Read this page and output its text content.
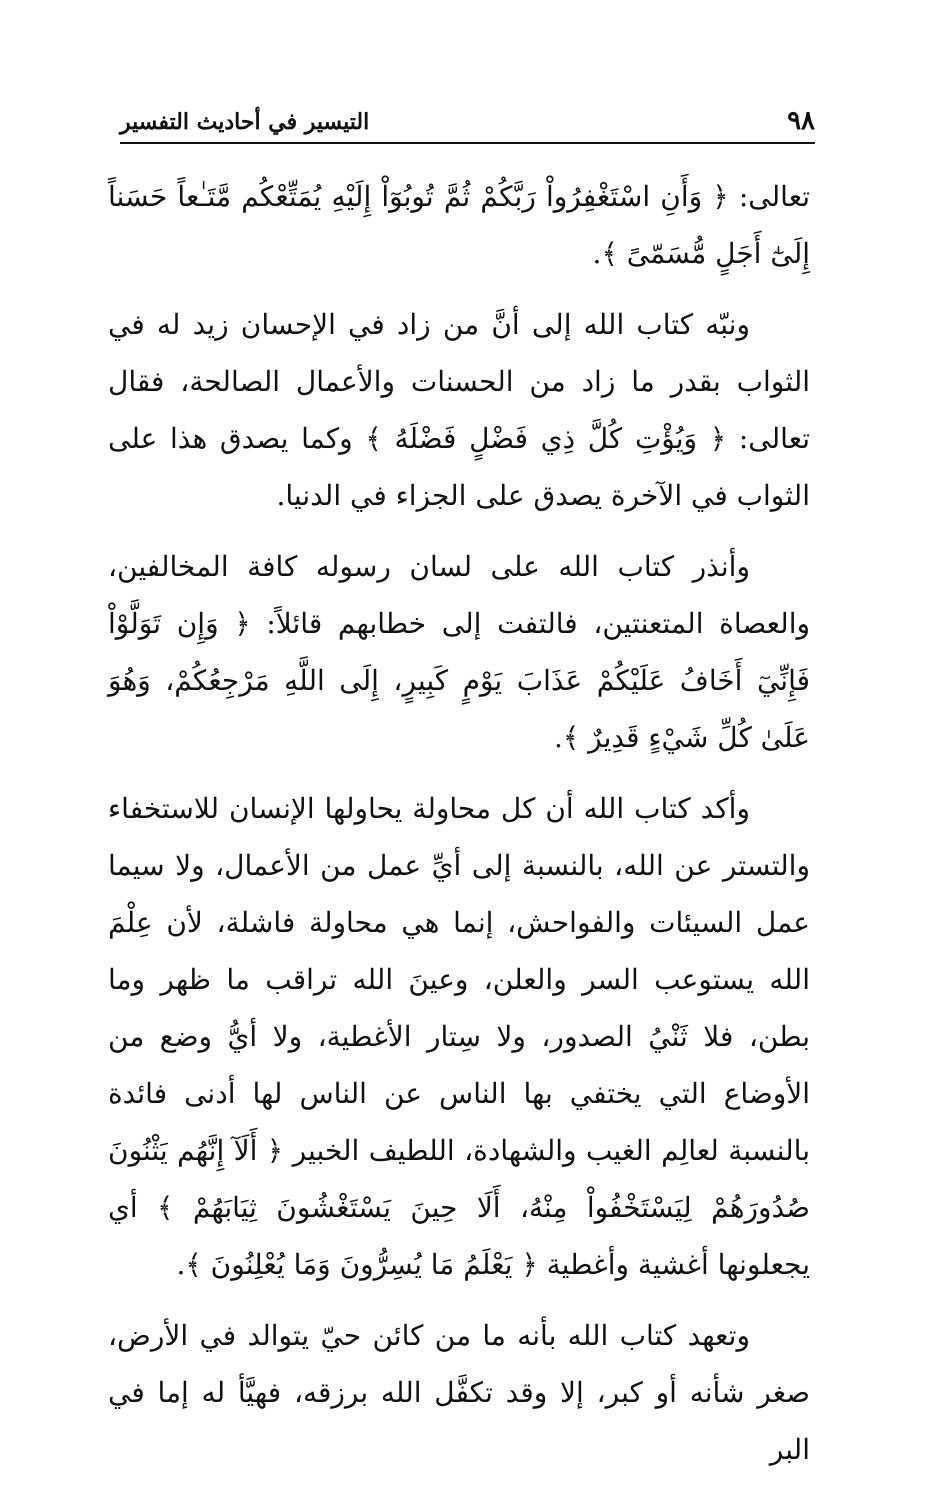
٩٨
التيسير في أحاديث التفسير

تعالى: ﴿ وَأَنِ اسْتَغْفِرُواْ رَبَّكُمْ ثُمَّ تُوبُوٓاْ إِلَيْهِ يُمَتِّعْكُم مَّتَـٰعاً حَسَناً إِلَىٰٓ أَجَلٍ مُّسَمّىً ﴾.

ونبّه كتاب الله إلى أنَّ من زاد في الإحسان زيد له في الثواب بقدر ما زاد من الحسنات والأعمال الصالحة، فقال تعالى: ﴿ وَيُؤْتِ كُلَّ ذِي فَضْلٍ فَضْلَهُ ﴾ وكما يصدق هذا على الثواب في الآخرة يصدق على الجزاء في الدنيا.

وأنذر كتاب الله على لسان رسوله كافة المخالفين، والعصاة المتعنتين، فالتفت إلى خطابهم قائلاً: ﴿ وَإِن تَوَلَّوْاْ فَإِنِّيٓ أَخَافُ عَلَيْكُمْ عَذَابَ يَوْمٍ كَبِيرٍ، إِلَى اللَّهِ مَرْجِعُكُمْ، وَهُوَ عَلَىٰ كُلِّ شَيْءٍ قَدِيرٌ ﴾.

وأكد كتاب الله أن كل محاولة يحاولها الإنسان للاستخفاء والتستر عن الله، بالنسبة إلى أيِّ عمل من الأعمال، ولا سيما عمل السيئات والفواحش، إنما هي محاولة فاشلة، لأن عِلْمَ الله يستوعب السر والعلن، وعينَ الله تراقب ما ظهر وما بطن، فلا ثَنْيُ الصدور، ولا سِتار الأغطية، ولا أيُّ وضع من الأوضاع التي يختفي بها الناس عن الناس لها أدنى فائدة بالنسبة لعالِم الغيب والشهادة، اللطيف الخبير ﴿ أَلَآ إِنَّهُم يَثْنُونَ صُدُورَهُمْ لِيَسْتَخْفُواْ مِنْهُ، أَلَا حِينَ يَسْتَغْشُونَ ثِيَابَهُمْ ﴾ أي يجعلونها أغشية وأغطية ﴿ يَعْلَمُ مَا يُسِرُّونَ وَمَا يُعْلِنُونَ ﴾.

وتعهد كتاب الله بأنه ما من كائن حيّ يتوالد في الأرض، صغر شأنه أو كبر، إلا وقد تكفَّل الله برزقه، فهيَّأ له إما في البر
